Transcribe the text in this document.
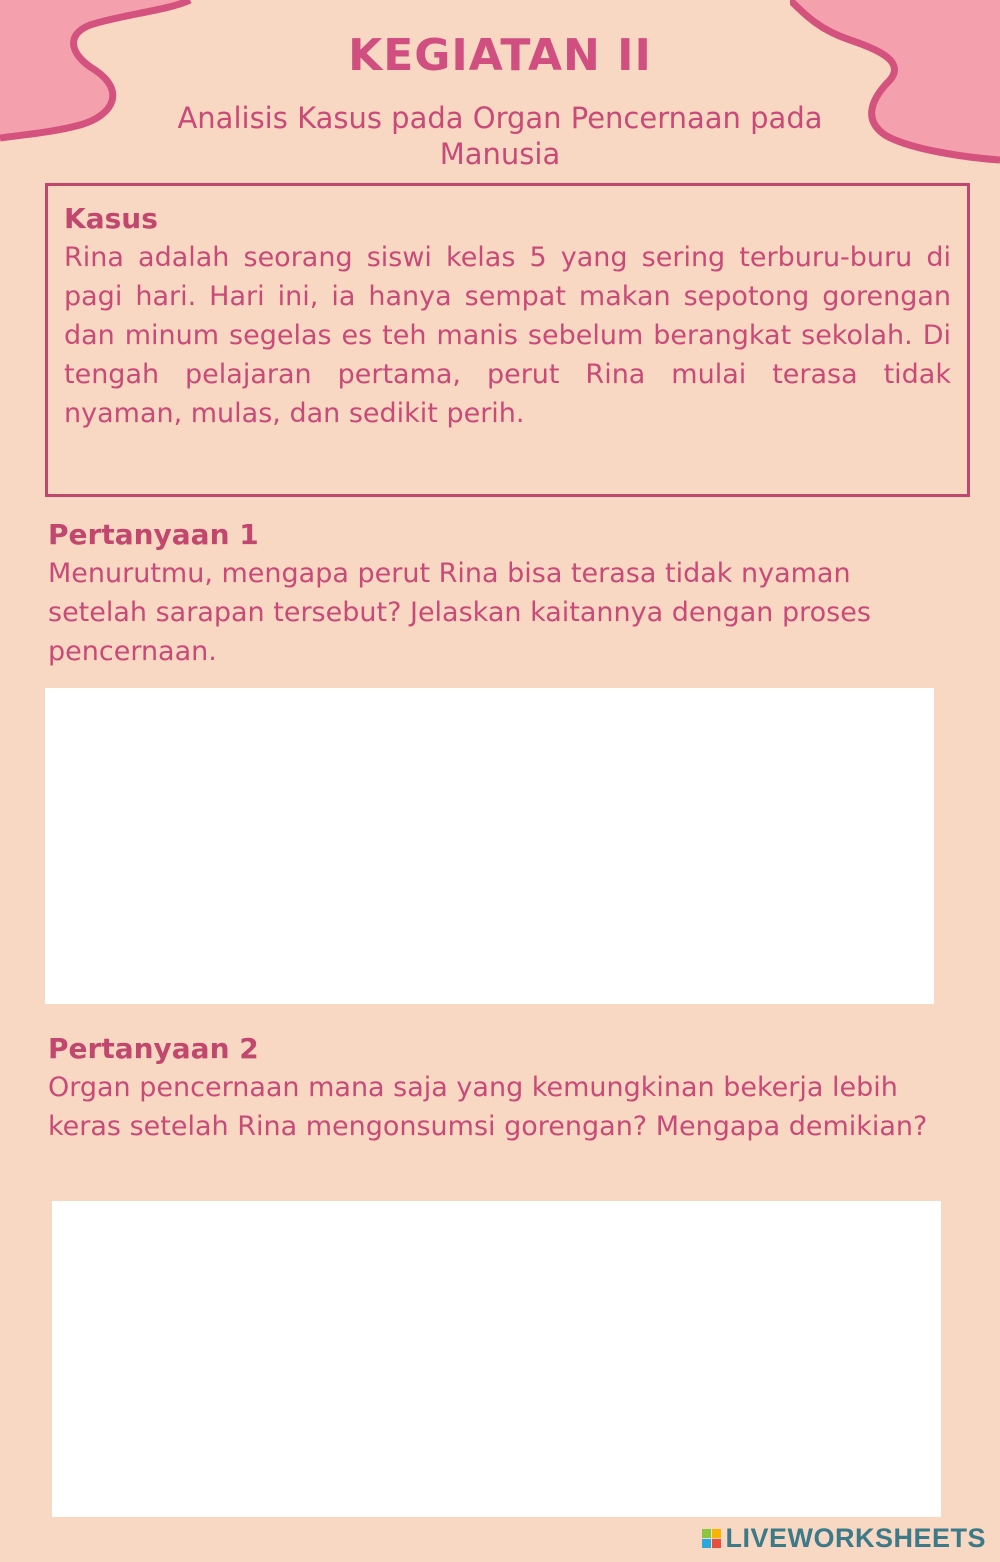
KEGIATAN II
Analisis Kasus pada Organ Pencernaan pada Manusia
Kasus
Rina adalah seorang siswi kelas 5 yang sering terburu-buru di pagi hari. Hari ini, ia hanya sempat makan sepotong gorengan dan minum segelas es teh manis sebelum berangkat sekolah. Di tengah pelajaran pertama, perut Rina mulai terasa tidak nyaman, mulas, dan sedikit perih.
Pertanyaan 1
Menurutmu, mengapa perut Rina bisa terasa tidak nyaman setelah sarapan tersebut? Jelaskan kaitannya dengan proses pencernaan.
Pertanyaan 2
Organ pencernaan mana saja yang kemungkinan bekerja lebih keras setelah Rina mengonsumsi gorengan? Mengapa demikian?
LIVEWORKSHEETS
